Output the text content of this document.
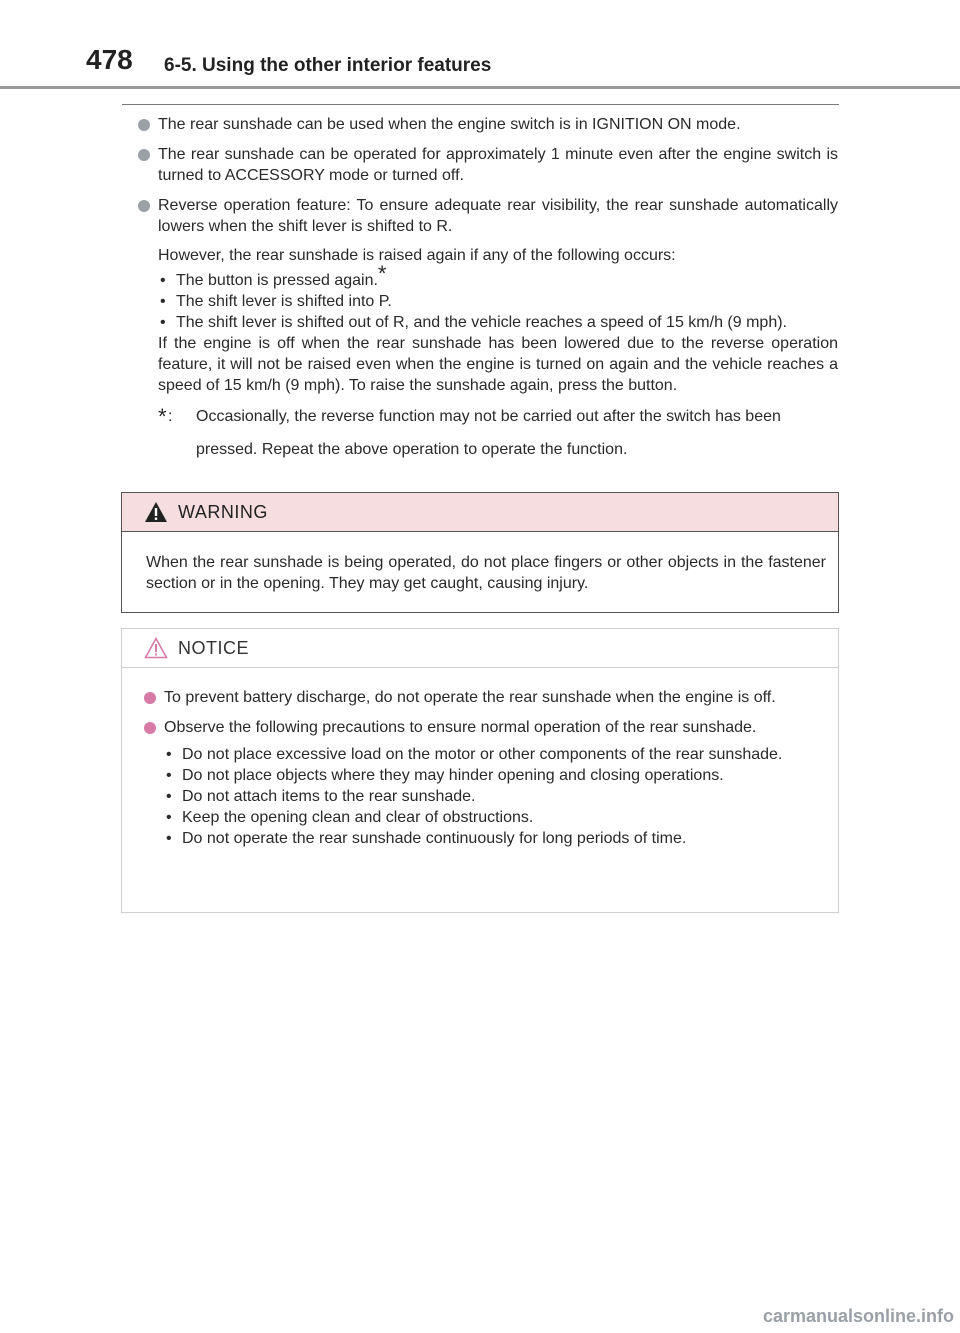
478 6-5. Using the other interior features
The rear sunshade can be used when the engine switch is in IGNITION ON mode.
The rear sunshade can be operated for approximately 1 minute even after the engine switch is turned to ACCESSORY mode or turned off.
Reverse operation feature: To ensure adequate rear visibility, the rear sunshade automatically lowers when the shift lever is shifted to R.
However, the rear sunshade is raised again if any of the following occurs:
• The button is pressed again.*
• The shift lever is shifted into P.
• The shift lever is shifted out of R, and the vehicle reaches a speed of 15 km/h (9 mph).
If the engine is off when the rear sunshade has been lowered due to the reverse operation feature, it will not be raised even when the engine is turned on again and the vehicle reaches a speed of 15 km/h (9 mph). To raise the sunshade again, press the button.
* : Occasionally, the reverse function may not be carried out after the switch has been pressed. Repeat the above operation to operate the function.
WARNING
When the rear sunshade is being operated, do not place fingers or other objects in the fastener section or in the opening. They may get caught, causing injury.
NOTICE
To prevent battery discharge, do not operate the rear sunshade when the engine is off.
Observe the following precautions to ensure normal operation of the rear sunshade.
• Do not place excessive load on the motor or other components of the rear sunshade.
• Do not place objects where they may hinder opening and closing operations.
• Do not attach items to the rear sunshade.
• Keep the opening clean and clear of obstructions.
• Do not operate the rear sunshade continuously for long periods of time.
carmanualsonline.info
